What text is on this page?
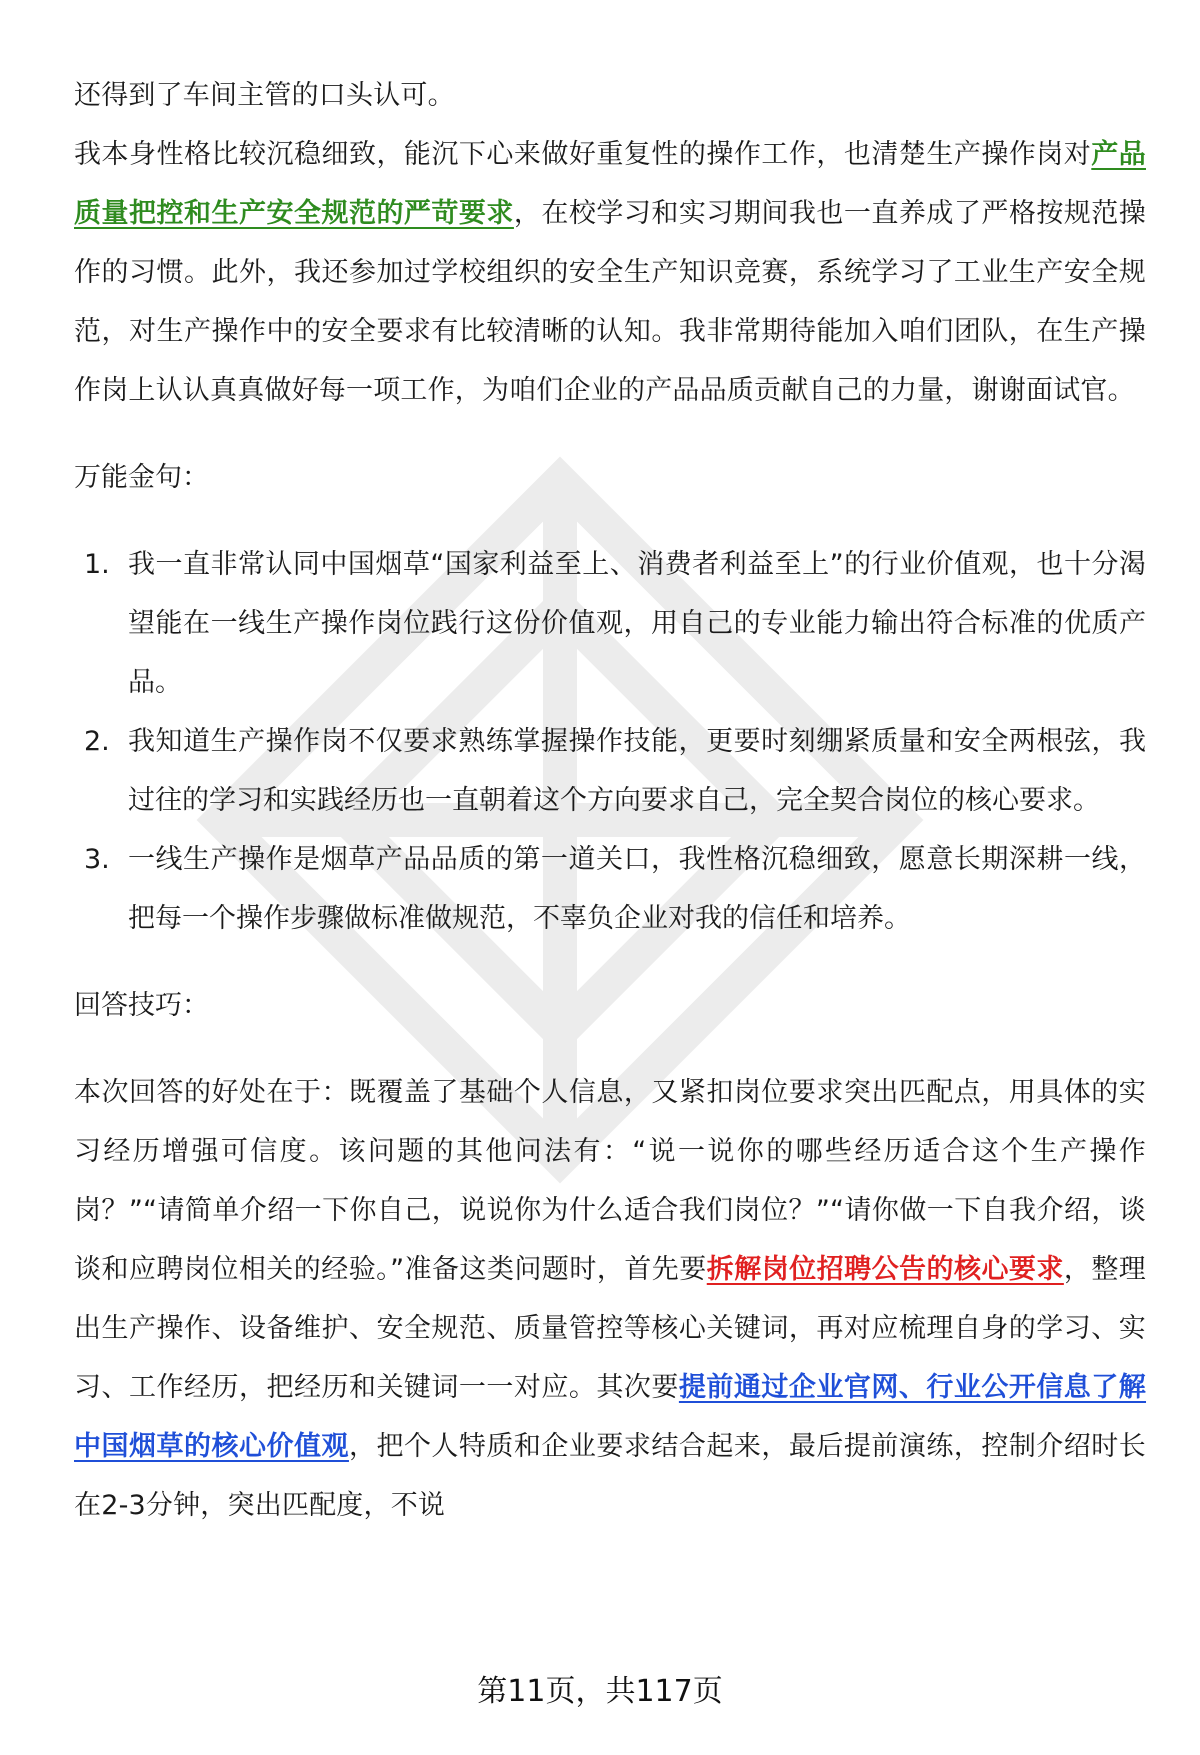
还得到了车间主管的口头认可。

我本身性格比较沉稳细致，能沉下心来做好重复性的操作工作，也清楚生产操作岗对产品质量把控和生产安全规范的严苛要求，在校学习和实习期间我也一直养成了严格按规范操作的习惯。此外，我还参加过学校组织的安全生产知识竞赛，系统学习了工业生产安全规范，对生产操作中的安全要求有比较清晰的认知。我非常期待能加入咱们团队，在生产操作岗上认认真真做好每一项工作，为咱们企业的产品品质贡献自己的力量，谢谢面试官。

万能金句：
1. 我一直非常认同中国烟草“国家利益至上、消费者利益至上”的行业价值观，也十分渴望能在一线生产操作岗位践行这份价值观，用自己的专业能力输出符合标准的优质产品。
2. 我知道生产操作岗不仅要求熟练掌握操作技能，更要时刻绷紧质量和安全两根弦，我过往的学习和实践经历也一直朝着这个方向要求自己，完全契合岗位的核心要求。
3. 一线生产操作是烟草产品品质的第一道关口，我性格沉稳细致，愿意长期深耕一线，把每一个操作步骤做标准做规范，不辜负企业对我的信任和培养。
回答技巧：

本次回答的好处在于：既覆盖了基础个人信息，又紧扣岗位要求突出匹配点，用具体的实习经历增强可信度。该问题的其他问法有：“说一说你的哪些经历适合这个生产操作岗？”“请简单介绍一下你自己，说说你为什么适合我们岗位？”“请你做一下自我介绍，谈谈和应聘岗位相关的经验。”准备这类问题时，首先要拆解岗位招聘公告的核心要求，整理出生产操作、设备维护、安全规范、质量管控等核心关键词，再对应梳理自身的学习、实习、工作经历，把经历和关键词一一对应。其次要提前通过企业官网、行业公开信息了解中国烟草的核心价值观，把个人特质和企业要求结合起来，最后提前演练，控制介绍时长在2-3分钟，突出匹配度，不说

第11页，共117页
